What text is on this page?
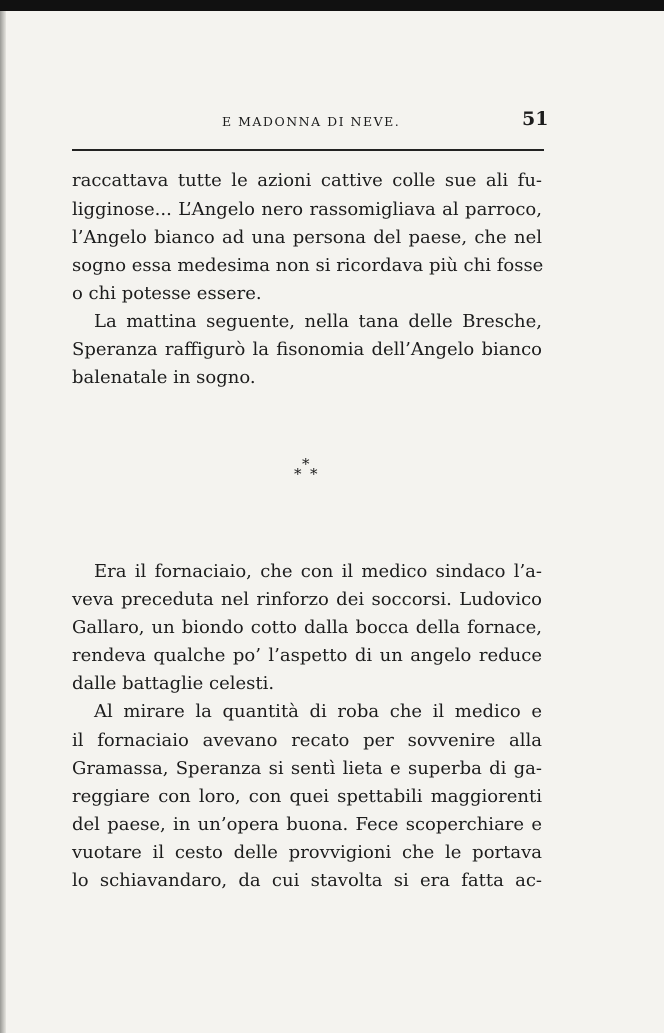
E MADONNA DI NEVE.	51
raccattava tutte le azioni cattive colle sue ali fu-
ligginose... L’Angelo nero rassomigliava al parroco,
l’Angelo bianco ad una persona del paese, che nel
sogno essa medesima non si ricordava più chi fosse
o chi potesse essere.
La mattina seguente, nella tana delle Bresche,
Speranza raffigurò la fisonomia dell’Angelo bianco
balenatale in sogno.
*
* *
Era il fornaciaio, che con il medico sindaco l’a-
veva preceduta nel rinforzo dei soccorsi. Ludovico
Gallaro, un biondo cotto dalla bocca della fornace,
rendeva qualche po’ l’aspetto di un angelo reduce
dalle battaglie celesti.
Al mirare la quantità di roba che il medico e
il fornaciaio avevano recato per sovvenire alla
Gramassa, Speranza si sentì lieta e superba di ga-
reggiare con loro, con quei spettabili maggiorenti
del paese, in un’opera buona. Fece scoperchiare e
vuotare il cesto delle provvigioni che le portava
lo schiavandaro, da cui stavolta si era fatta ac-
